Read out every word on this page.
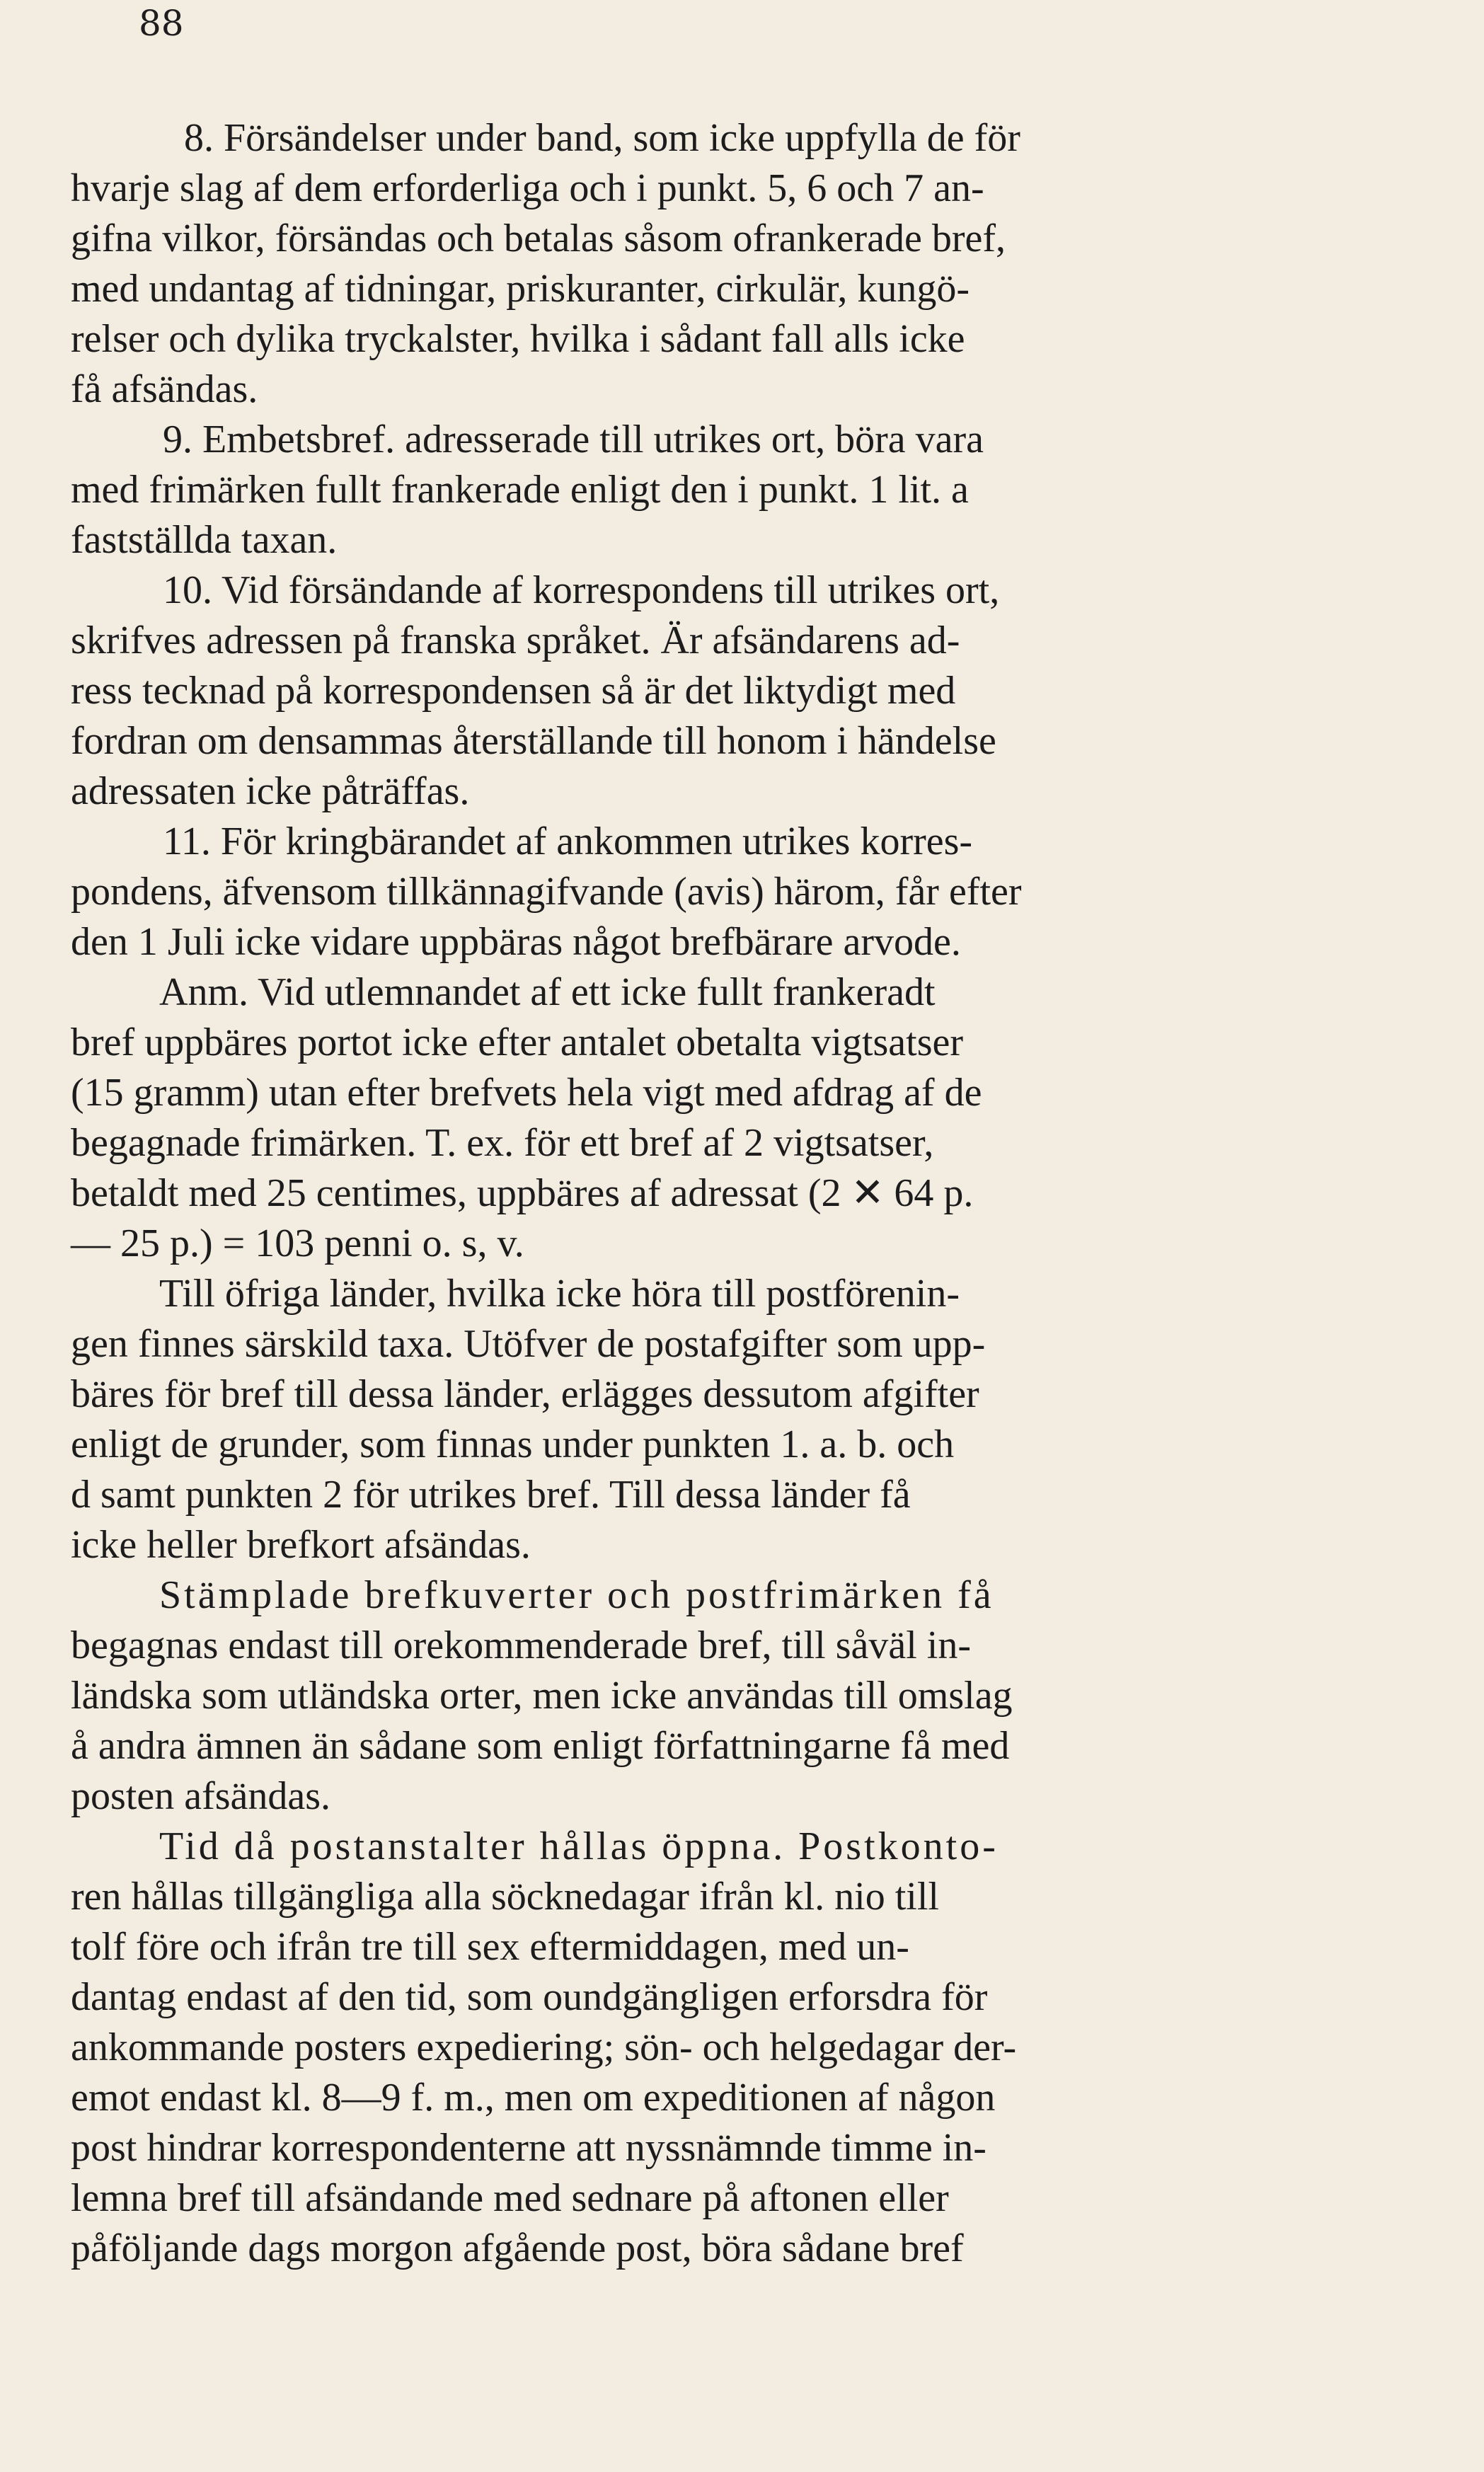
88
8. Försändelser under band, som icke uppfylla de för
hvarje slag af dem erforderliga och i punkt. 5, 6 och 7 an-
gifna vilkor, försändas och betalas såsom ofrankerade bref,
med undantag af tidningar, priskuranter, cirkulär, kungö-
relser och dylika tryckalster, hvilka i sådant fall alls icke
få afsändas.
9. Embetsbref. adresserade till utrikes ort, böra vara
med frimärken fullt frankerade enligt den i punkt. 1 lit. a
fastställda taxan.
10. Vid försändande af korrespondens till utrikes ort,
skrifves adressen på franska språket. Är afsändarens ad-
ress tecknad på korrespondensen så är det liktydigt med
fordran om densammas återställande till honom i händelse
adressaten icke påträffas.
11. För kringbärandet af ankommen utrikes korres-
pondens, äfvensom tillkännagifvande (avis) härom, får efter
den 1 Juli icke vidare uppbäras något brefbärare arvode.
Anm. Vid utlemnandet af ett icke fullt frankeradt
bref uppbäres portot icke efter antalet obetalta vigtsatser
(15 gramm) utan efter brefvets hela vigt med afdrag af de
begagnade frimärken. T. ex. för ett bref af 2 vigtsatser,
betaldt med 25 centimes, uppbäres af adressat (2 ✕ 64 p.
— 25 p.) = 103 penni o. s, v.
Till öfriga länder, hvilka icke höra till postförenin-
gen finnes särskild taxa. Utöfver de postafgifter som upp-
bäres för bref till dessa länder, erlägges dessutom afgifter
enligt de grunder, som finnas under punkten 1. a. b. och
d samt punkten 2 för utrikes bref. Till dessa länder få
icke heller brefkort afsändas.
Stämplade brefkuverter och postfrimärken få
begagnas endast till orekommenderade bref, till såväl in-
ländska som utländska orter, men icke användas till omslag
å andra ämnen än sådane som enligt författningarne få med
posten afsändas.
Tid då postanstalter hållas öppna. Postkonto-
ren hållas tillgängliga alla söcknedagar ifrån kl. nio till
tolf före och ifrån tre till sex eftermiddagen, med un-
dantag endast af den tid, som oundgängligen erforsdra för
ankommande posters expediering; sön- och helgedagar der-
emot endast kl. 8—9 f. m., men om expeditionen af någon
post hindrar korrespondenterne att nyssnämnde timme in-
lemna bref till afsändande med sednare på aftonen eller
påföljande dags morgon afgående post, böra sådane bref
